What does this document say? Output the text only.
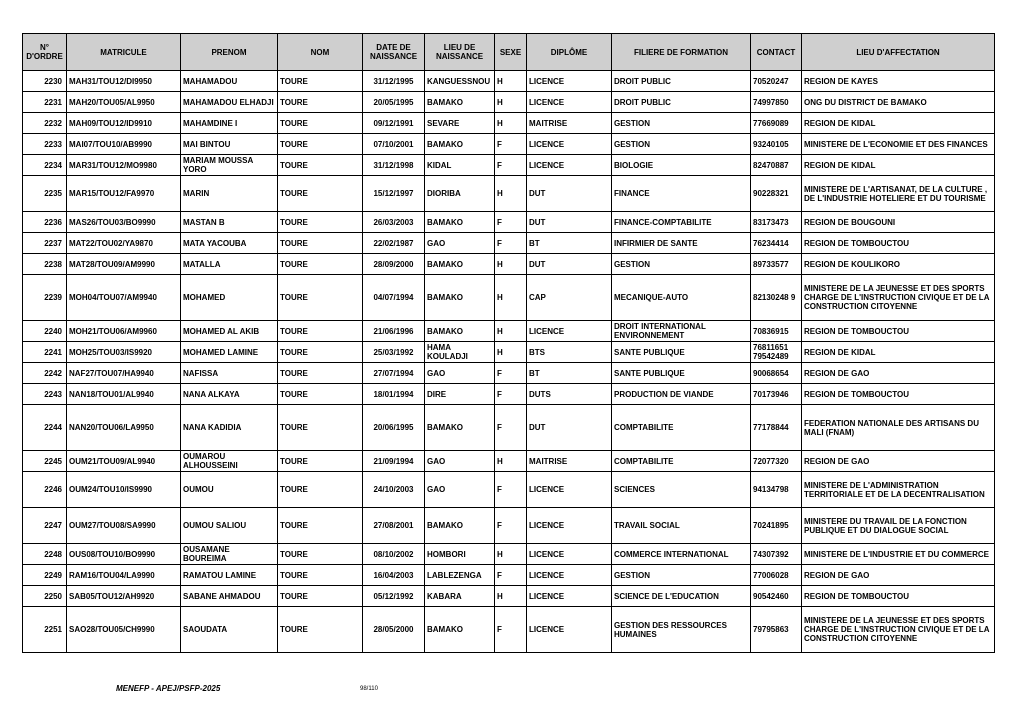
N° D'ORDRE	MATRICULE	PRENOM	NOM	DATE DE NAISSANCE	LIEU DE NAISSANCE	SEXE	DIPLÔME	FILIERE DE FORMATION	CONTACT	LIEU D'AFFECTATION
2230	MAH31/TOU12/DI9950	MAHAMADOU	TOURE	31/12/1995	KANGUESSNOU	H	LICENCE	DROIT PUBLIC	70520247	REGION DE KAYES
2231	MAH20/TOU05/AL9950	MAHAMADOU ELHADJI	TOURE	20/05/1995	BAMAKO	H	LICENCE	DROIT PUBLIC	74997850	ONG DU DISTRICT DE BAMAKO
2232	MAH09/TOU12/ID9910	MAHAMDINE I	TOURE	09/12/1991	SEVARE	H	MAITRISE	GESTION	77669089	REGION DE KIDAL
2233	MAI07/TOU10/AB9990	MAI BINTOU	TOURE	07/10/2001	BAMAKO	F	LICENCE	GESTION	93240105	MINISTERE DE L'ECONOMIE ET DES FINANCES
2234	MAR31/TOU12/MO9980	MARIAM MOUSSA YORO	TOURE	31/12/1998	KIDAL	F	LICENCE	BIOLOGIE	82470887	REGION DE KIDAL
2235	MAR15/TOU12/FA9970	MARIN	TOURE	15/12/1997	DIORIBA	H	DUT	FINANCE	90228321	MINISTERE DE L'ARTISANAT, DE LA CULTURE , DE L'INDUSTRIE HOTELIERE ET DU TOURISME
2236	MAS26/TOU03/BO9990	MASTAN B	TOURE	26/03/2003	BAMAKO	F	DUT	FINANCE-COMPTABILITE	83173473	REGION DE BOUGOUNI
2237	MAT22/TOU02/YA9870	MATA YACOUBA	TOURE	22/02/1987	GAO	F	BT	INFIRMIER DE SANTE	76234414	REGION DE TOMBOUCTOU
2238	MAT28/TOU09/AM9990	MATALLA	TOURE	28/09/2000	BAMAKO	H	DUT	GESTION	89733577	REGION DE KOULIKORO
2239	MOH04/TOU07/AM9940	MOHAMED	TOURE	04/07/1994	BAMAKO	H	CAP	MECANIQUE-AUTO	82130248 9	MINISTERE DE LA JEUNESSE ET DES SPORTS CHARGE DE L'INSTRUCTION CIVIQUE ET DE LA CONSTRUCTION CITOYENNE
2240	MOH21/TOU06/AM9960	MOHAMED AL AKIB	TOURE	21/06/1996	BAMAKO	H	LICENCE	DROIT INTERNATIONAL ENVIRONNEMENT	70836915	REGION DE TOMBOUCTOU
2241	MOH25/TOU03/IS9920	MOHAMED LAMINE	TOURE	25/03/1992	HAMA KOULADJI	H	BTS	SANTE PUBLIQUE	76811651 79542489	REGION DE KIDAL
2242	NAF27/TOU07/HA9940	NAFISSA	TOURE	27/07/1994	GAO	F	BT	SANTE PUBLIQUE	90068654	REGION DE GAO
2243	NAN18/TOU01/AL9940	NANA ALKAYA	TOURE	18/01/1994	DIRE	F	DUTS	PRODUCTION DE VIANDE	70173946	REGION DE TOMBOUCTOU
2244	NAN20/TOU06/LA9950	NANA KADIDIA	TOURE	20/06/1995	BAMAKO	F	DUT	COMPTABILITE	77178844	FEDERATION NATIONALE DES ARTISANS DU MALI (FNAM)
2245	OUM21/TOU09/AL9940	OUMAROU ALHOUSSEINI	TOURE	21/09/1994	GAO	H	MAITRISE	COMPTABILITE	72077320	REGION DE GAO
2246	OUM24/TOU10/IS9990	OUMOU	TOURE	24/10/2003	GAO	F	LICENCE	SCIENCES	94134798	MINISTERE DE L'ADMINISTRATION TERRITORIALE ET DE LA DECENTRALISATION
2247	OUM27/TOU08/SA9990	OUMOU SALIOU	TOURE	27/08/2001	BAMAKO	F	LICENCE	TRAVAIL SOCIAL	70241895	MINISTERE DU TRAVAIL DE LA FONCTION PUBLIQUE ET DU DIALOGUE SOCIAL
2248	OUS08/TOU10/BO9990	OUSAMANE BOUREIMA	TOURE	08/10/2002	HOMBORI	H	LICENCE	COMMERCE INTERNATIONAL	74307392	MINISTERE DE L'INDUSTRIE ET DU COMMERCE
2249	RAM16/TOU04/LA9990	RAMATOU LAMINE	TOURE	16/04/2003	LABLEZENGA	F	LICENCE	GESTION	77006028	REGION DE GAO
2250	SAB05/TOU12/AH9920	SABANE AHMADOU	TOURE	05/12/1992	KABARA	H	LICENCE	SCIENCE DE L'EDUCATION	90542460	REGION DE TOMBOUCTOU
2251	SAO28/TOU05/CH9990	SAOUDATA	TOURE	28/05/2000	BAMAKO	F	LICENCE	GESTION DES RESSOURCES HUMAINES	79795863	MINISTERE DE LA JEUNESSE ET DES SPORTS CHARGE DE L'INSTRUCTION CIVIQUE ET DE LA CONSTRUCTION CITOYENNE
MENEFP - APEJ/PSFP-2025	98/110
